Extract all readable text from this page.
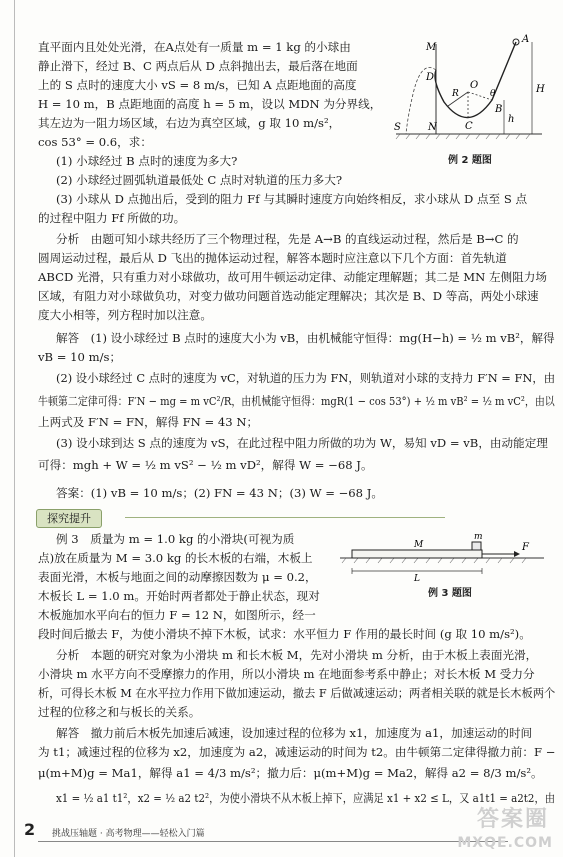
直平面内且处处光滑，在A点处有一质量 m = 1 kg 的小球由
静止滑下，经过 B、C 两点后从 D 点斜抛出去，最后落在地面
上的 S 点时的速度大小 vS = 8 m/s，已知 A 点距地面的高度
H = 10 m，B 点距地面的高度 h = 5 m，设以 MDN 为分界线，
其左边为一阻力场区域，右边为真空区域，g 取 10 m/s²，
cos 53° = 0.6，求：
(1) 小球经过 B 点时的速度为多大?
(2) 小球经过圆弧轨道最低处 C 点时对轨道的压力多大?
(3) 小球从 D 点抛出后，受到的阻力 Ff 与其瞬时速度方向始终相反，求小球从 D 点至 S 点
的过程中阻力 Ff 所做的功。
分析　由题可知小球共经历了三个物理过程，先是 A→B 的直线运动过程，然后是 B→C 的
圆周运动过程，最后从 D 飞出的抛体运动过程，解答本题时应注意以下几个方面：首先轨道
ABCD 光滑，只有重力对小球做功，故可用牛顿运动定律、动能定理解题；其二是 MN 左侧阻力场
区域，有阻力对小球做负功，对变力做功问题首选动能定理解决；其次是 B、D 等高，两处小球速
度大小相等，列方程时加以注意。
解答　(1) 设小球经过 B 点时的速度大小为 vB，由机械能守恒得：mg(H−h) = ½ m vB²，解得
vB = 10 m/s；
(2) 设小球经过 C 点时的速度为 vC，对轨道的压力为 FN，则轨道对小球的支持力 F′N = FN，由
牛顿第二定律可得：F′N − mg = m vC²/R，由机械能守恒得：mgR(1 − cos 53°) + ½ m vB² = ½ m vC²，由以
上两式及 F′N = FN，解得 FN = 43 N；
(3) 设小球到达 S 点的速度为 vS，在此过程中阻力所做的功为 W，易知 vD = vB，由动能定理
可得：mgh + W = ½ m vS² − ½ m vD²，解得 W = −68 J。
答案：(1) vB = 10 m/s；(2) FN = 43 N；(3) W = −68 J。
探究提升
例 3　质量为 m = 1.0 kg 的小滑块(可视为质
点)放在质量为 M = 3.0 kg 的长木板的右端，木板上
表面光滑，木板与地面之间的动摩擦因数为 μ = 0.2，
木板长 L = 1.0 m。开始时两者都处于静止状态，现对
木板施加水平向右的恒力 F = 12 N，如图所示，经一
段时间后撤去 F，为使小滑块不掉下木板，试求：水平恒力 F 作用的最长时间 (g 取 10 m/s²)。
分析　本题的研究对象为小滑块 m 和长木板 M，先对小滑块 m 分析，由于木板上表面光滑，
小滑块 m 水平方向不受摩擦力的作用，所以小滑块 m 在地面参考系中静止；对长木板 M 受力分
析，可得长木板 M 在水平拉力作用下做加速运动，撤去 F 后做减速运动；两者相关联的就是长木板两个
过程的位移之和与板长的关系。
解答　撤力前后木板先加速后减速，设加速过程的位移为 x1，加速度为 a1，加速运动的时间
为 t1；减速过程的位移为 x2，加速度为 a2，减速运动的时间为 t2。由牛顿第二定律得撤力前：F −
μ(m+M)g = Ma1，解得 a1 = 4/3 m/s²；撤力后：μ(m+M)g = Ma2，解得 a2 = 8/3 m/s²。
x1 = ½ a1 t1²，x2 = ½ a2 t2²，为使小滑块不从木板上掉下，应满足 x1 + x2 ≤ L，又 a1t1 = a2t2，由
M
N
A
B
C
D
O
R
S
H
h
θ
例 2 题图
m
M	F
L
例 3 题图
2 挑战压轴题 · 高考物理——轻松入门篇
答案圈
MXQE.COM
